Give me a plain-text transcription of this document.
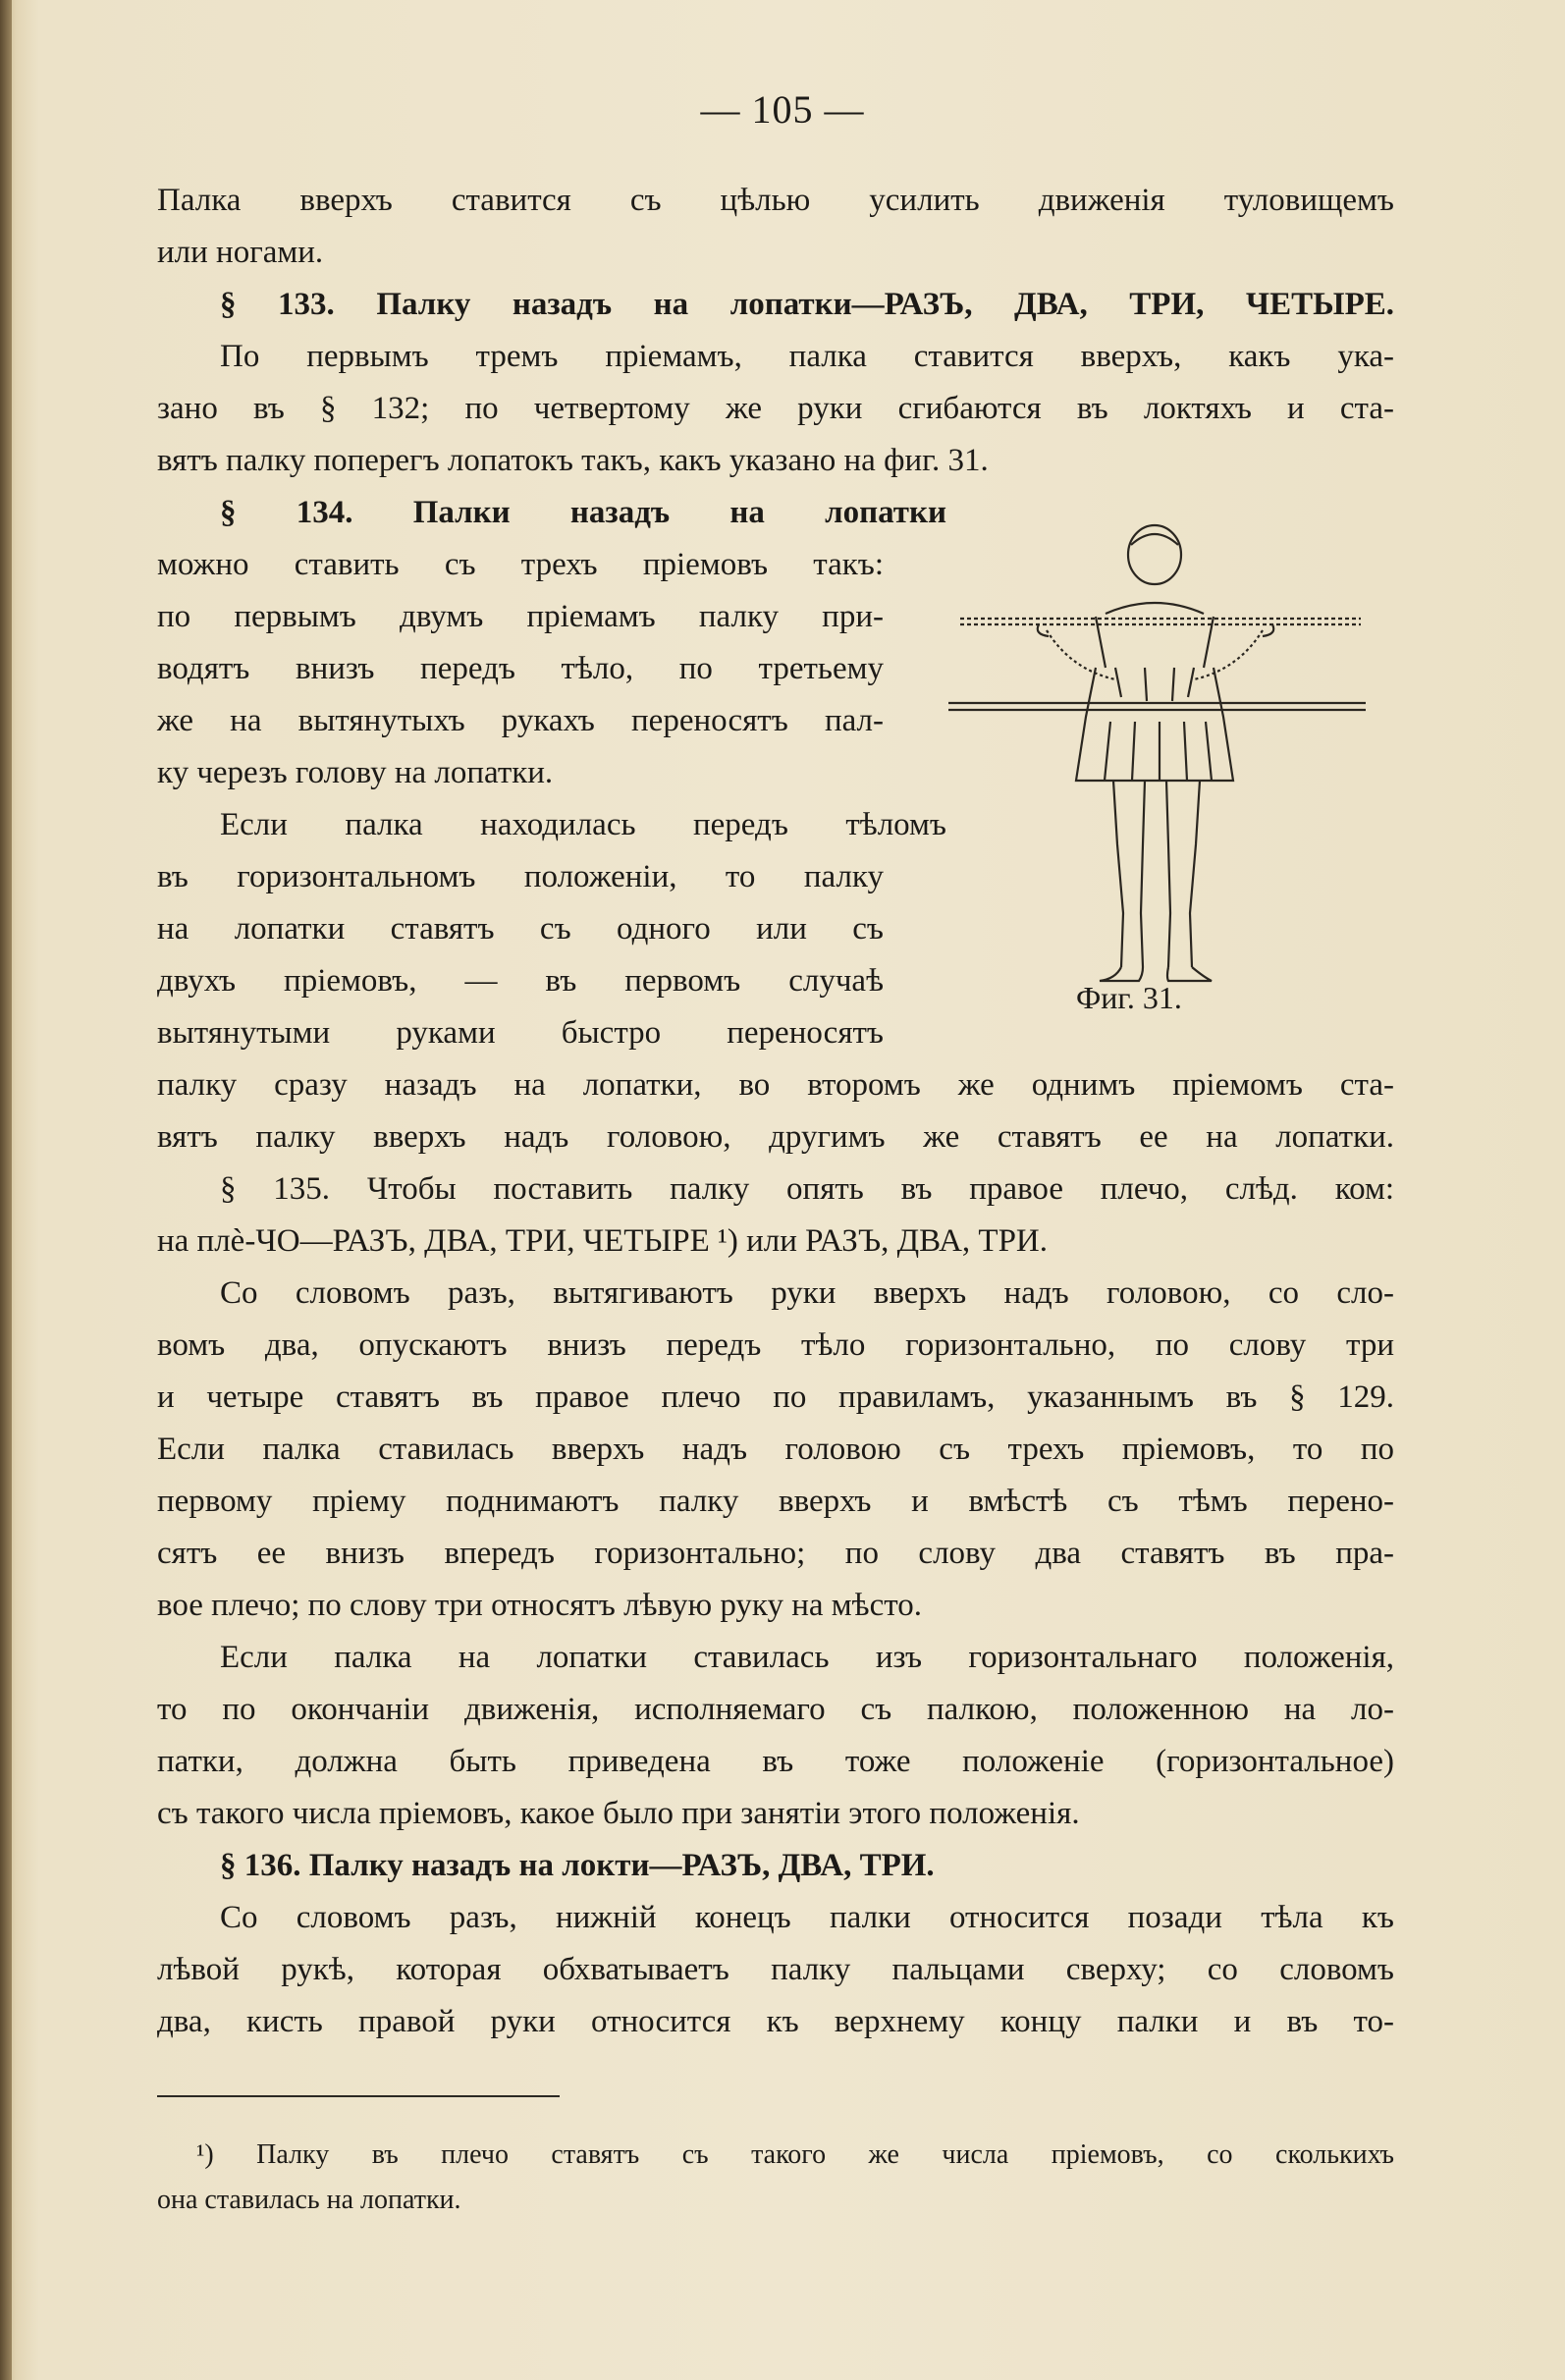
— 105 —
Палка вверхъ ставится съ цѣлью усилить движенія туловищемъ
или ногами.
§ 133. Палку назадъ на лопатки—РАЗЪ, ДВА, ТРИ, ЧЕТЫРЕ.
По первымъ тремъ пріемамъ, палка ставится вверхъ, какъ ука-
зано въ § 132; по четвертому же руки сгибаются въ локтяхъ и ста-
вятъ палку поперегъ лопатокъ такъ, какъ указано на фиг. 31.
§ 134. Палки назадъ на лопатки
можно ставить съ трехъ пріемовъ такъ:
по первымъ двумъ пріемамъ палку при-
водятъ внизъ передъ тѣло, по третьему
же на вытянутыхъ рукахъ переносятъ пал-
ку черезъ голову на лопатки.
Если палка находилась передъ тѣломъ
въ горизонтальномъ положеніи, то палку
на лопатки ставятъ съ одного или съ
двухъ пріемовъ, — въ первомъ случаѣ
вытянутыми руками быстро переносятъ
палку сразу назадъ на лопатки, во второмъ же однимъ пріемомъ ста-
вятъ палку вверхъ надъ головою, другимъ же ставятъ ее на лопатки.
§ 135. Чтобы поставить палку опять въ правое плечо, слѣд. ком:
на плѐ-ЧО—РАЗЪ, ДВА, ТРИ, ЧЕТЫРЕ ¹) или РАЗЪ, ДВА, ТРИ.
Со словомъ разъ, вытягиваютъ руки вверхъ надъ головою, со сло-
вомъ два, опускаютъ внизъ передъ тѣло горизонтально, по слову три
и четыре ставятъ въ правое плечо по правиламъ, указаннымъ въ § 129.
Если палка ставилась вверхъ надъ головою съ трехъ пріемовъ, то по
первому пріему поднимаютъ палку вверхъ и вмѣстѣ съ тѣмъ перено-
сятъ ее внизъ впередъ горизонтально; по слову два ставятъ въ пра-
вое плечо; по слову три относятъ лѣвую руку на мѣсто.
Если палка на лопатки ставилась изъ горизонтальнаго положенія,
то по окончаніи движенія, исполняемаго съ палкою, положенною на ло-
патки, должна быть приведена въ тоже положеніе (горизонтальное)
съ такого числа пріемовъ, какое было при занятіи этого положенія.
§ 136. Палку назадъ на локти—РАЗЪ, ДВА, ТРИ.
Со словомъ разъ, нижній конецъ палки относится позади тѣла къ
лѣвой рукѣ, которая обхватываетъ палку пальцами сверху; со словомъ
два, кисть правой руки относится къ верхнему концу палки и въ то-
Фиг. 31.
¹) Палку въ плечо ставятъ съ такого же числа пріемовъ, со сколькихъ
она ставилась на лопатки.
